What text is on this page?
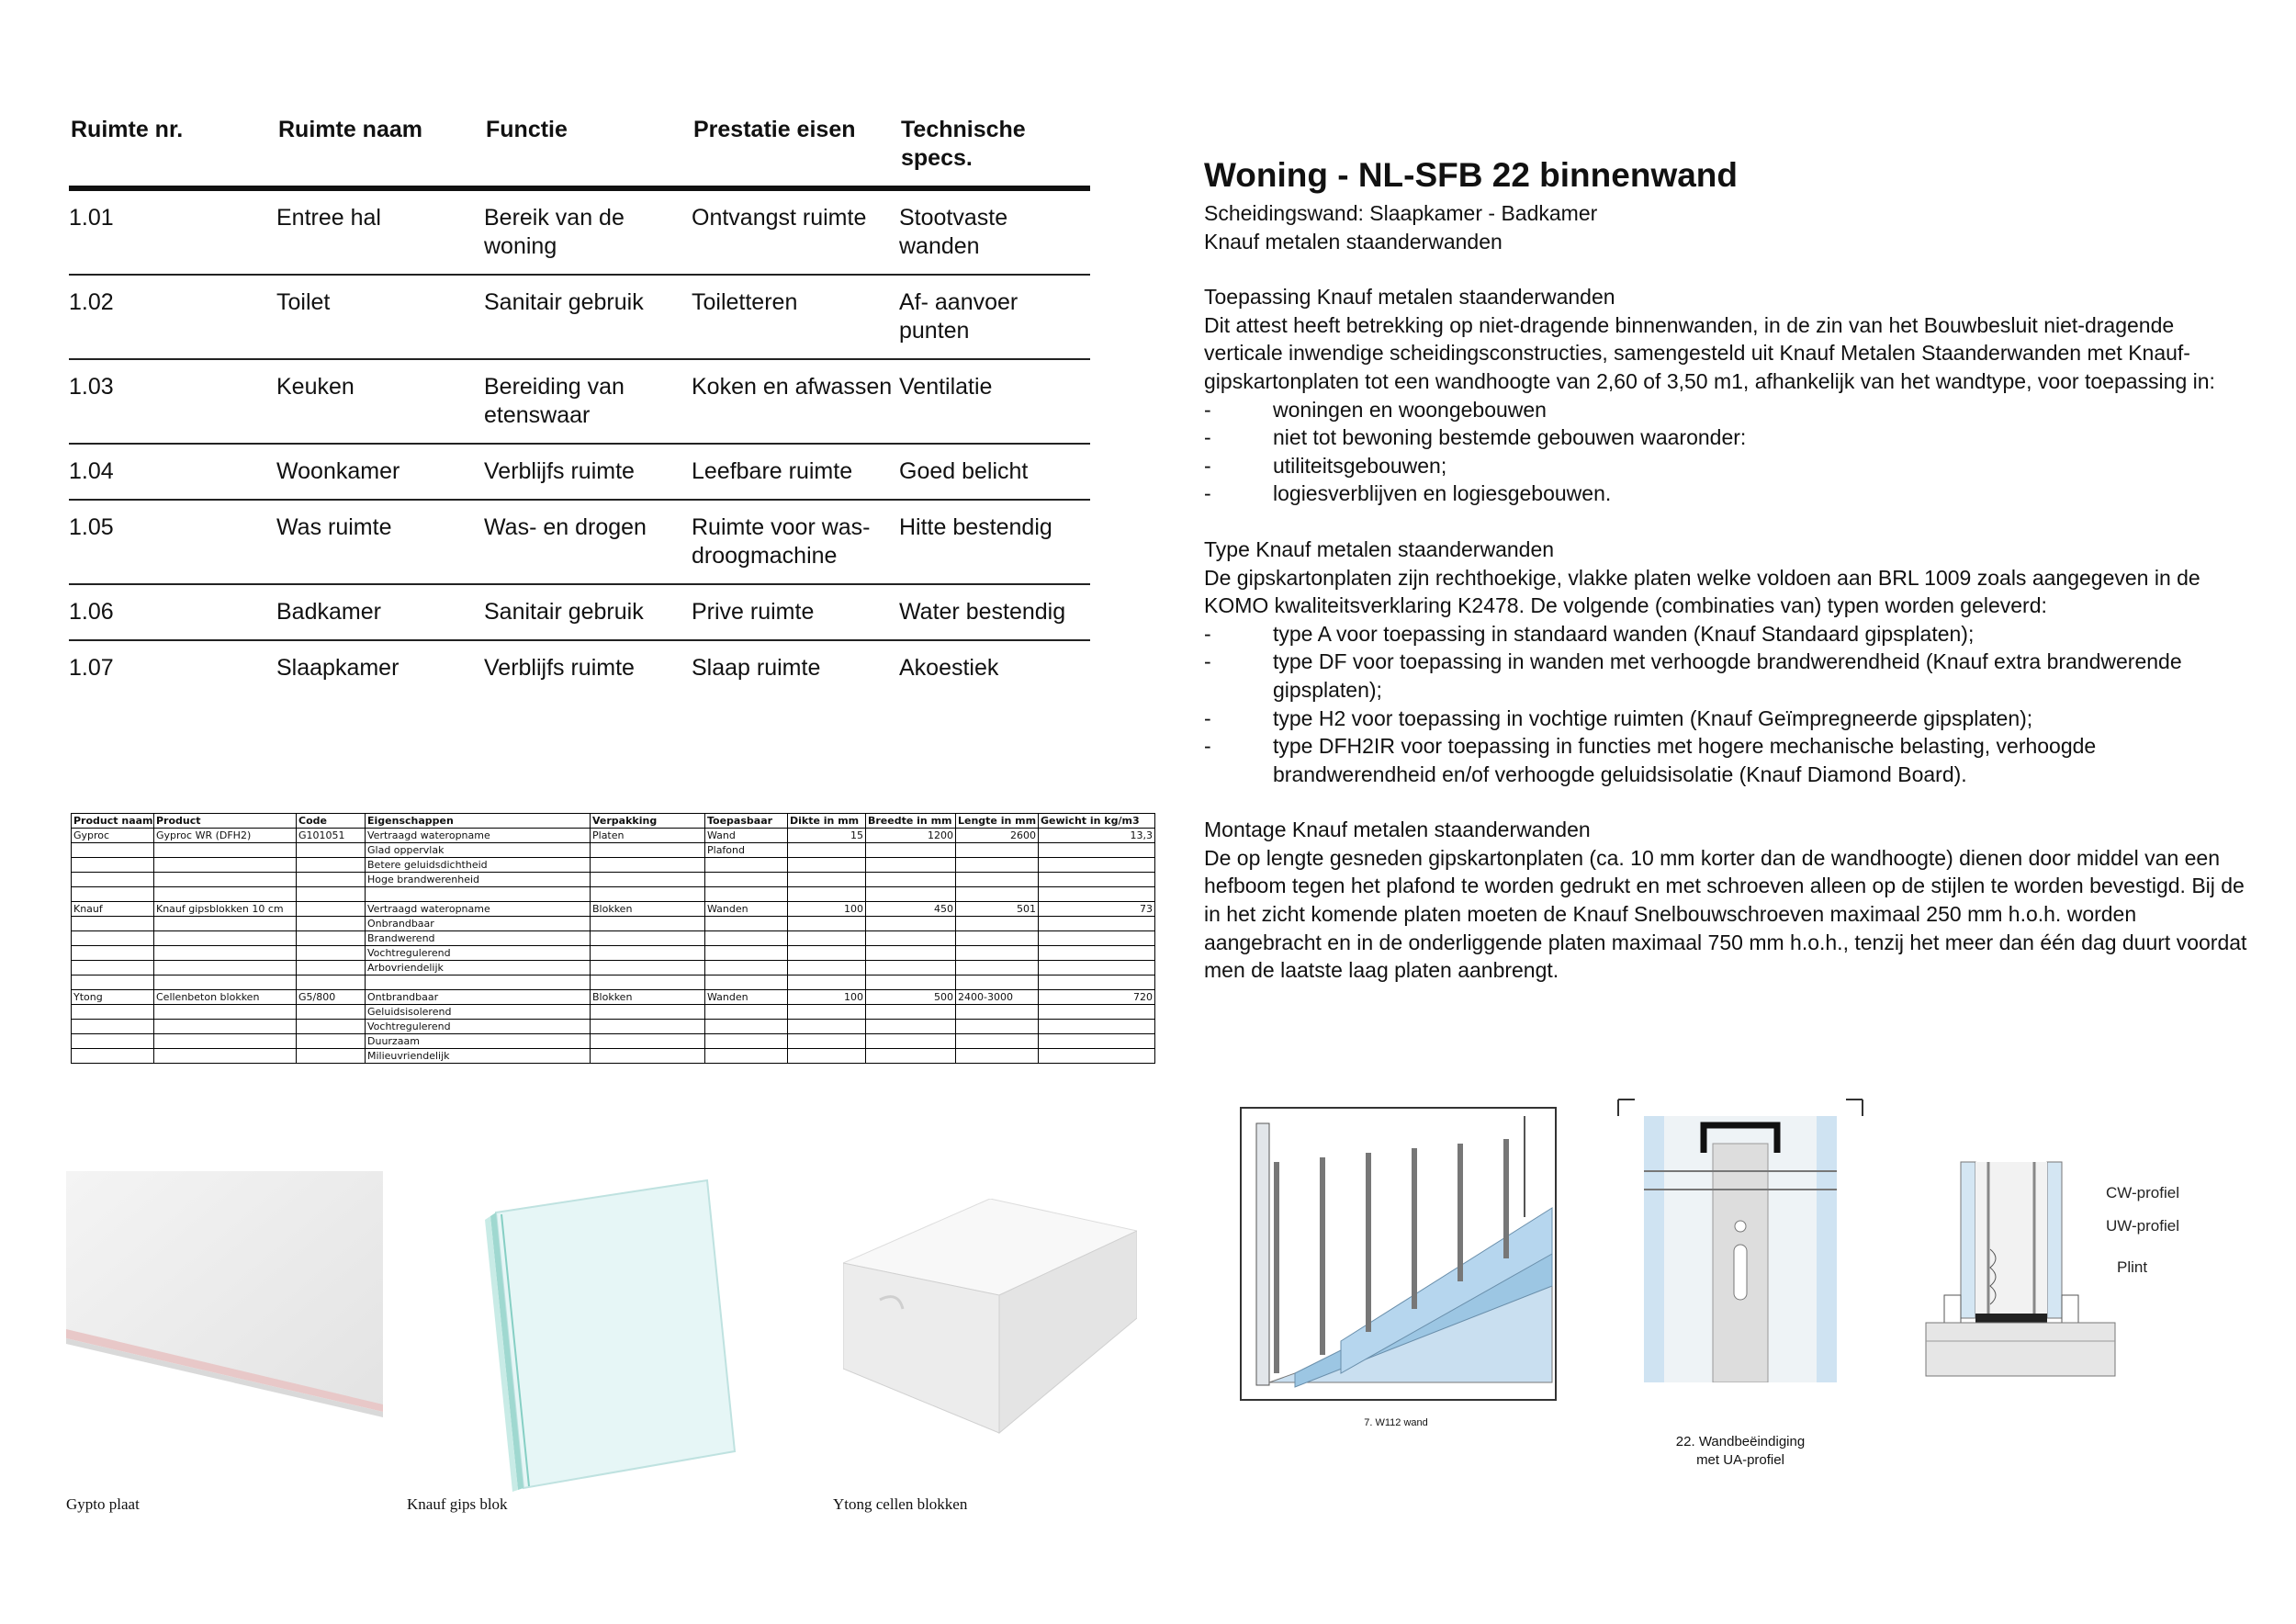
Ruimte nr.	Ruimte naam	Functie	Prestatie eisen	Technische specs.
1.01	Entree hal	Bereik van de woning	Ontvangst ruimte	Stootvaste wanden
1.02	Toilet	Sanitair gebruik	Toiletteren	Af- aanvoer punten
1.03	Keuken	Bereiding van etenswaar	Koken en afwassen	Ventilatie
1.04	Woonkamer	Verblijfs ruimte	Leefbare ruimte	Goed belicht
1.05	Was ruimte	Was- en drogen	Ruimte voor was-droogmachine	Hitte bestendig
1.06	Badkamer	Sanitair gebruik	Prive ruimte	Water bestendig
1.07	Slaapkamer	Verblijfs ruimte	Slaap ruimte	Akoestiek
Product naam	Product	Code	Eigenschappen	Verpakking	Toepasbaar	Dikte in mm	Breedte in mm	Lengte in mm	Gewicht in kg/m3
Gyproc	Gyproc WR (DFH2)	G101051	Vertraagd wateropname	Platen	Wand	15	1200	2600	13,3
			Glad oppervlak		Plafond				
			Betere geluidsdichtheid						
			Hoge brandwerenheid						

Knauf	Knauf gipsblokken 10 cm		Vertraagd wateropname	Blokken	Wanden	100	450	501	73
			Onbrandbaar						
			Brandwerend						
			Vochtregulerend						
			Arbovriendelijk						

Ytong	Cellenbeton blokken	G5/800	Ontbrandbaar	Blokken	Wanden	100	500	2400-3000	720
			Geluidsisolerend						
			Vochtregulerend						
			Duurzaam						
			Milieuvriendelijk						
Gypto plaat	Knauf gips blok	Ytong cellen blokken
Woning - NL-SFB 22 binnenwand

Scheidingswand: Slaapkamer - Badkamer

Knauf metalen staanderwanden

Toepassing Knauf metalen staanderwanden

Dit attest heeft betrekking op niet-dragende binnenwanden, in de zin van het Bouwbesluit niet-dragende verticale inwendige scheidingsconstructies, samengesteld uit Knauf Metalen Staanderwanden met Knauf-gipskartonplaten tot een wandhoogte van 2,60 of 3,50 m1, afhankelijk van het wandtype, voor toepassing in:

-	woningen en woongebouwen
-	niet tot bewoning bestemde gebouwen waaronder:
-	utiliteitsgebouwen;
-	logiesverblijven en logiesgebouwen.

Type Knauf metalen staanderwanden

De gipskartonplaten zijn rechthoekige, vlakke platen welke voldoen aan BRL 1009 zoals aangegeven in de KOMO kwaliteitsverklaring K2478. De volgende (combinaties van) typen worden geleverd:

-	type A voor toepassing in standaard wanden (Knauf Standaard gipsplaten);
-	type DF voor toepassing in wanden met verhoogde brandwerendheid (Knauf extra brandwerende gipsplaten);
-	type H2 voor toepassing in vochtige ruimten (Knauf Geïmpregneerde gipsplaten);
-	type DFH2IR voor toepassing in functies met hogere mechanische belasting, verhoogde brandwerendheid en/of verhoogde geluidsisolatie (Knauf Diamond Board).

Montage Knauf metalen staanderwanden

De op lengte gesneden gipskartonplaten (ca. 10 mm korter dan de wandhoogte) dienen door middel van een hefboom tegen het plafond te worden gedrukt en met schroeven alleen op de stijlen te worden bevestigd. Bij de in het zicht komende platen moeten de Knauf Snelbouwschroeven maximaal 250 mm h.o.h. worden aangebracht en in de onderliggende platen maximaal 750 mm h.o.h., tenzij het meer dan één dag duurt voordat men de laatste laag platen aanbrengt.

7. W112 wand
22. Wandbeëindiging
met UA-profiel
CW-profiel
UW-profiel
Plint
